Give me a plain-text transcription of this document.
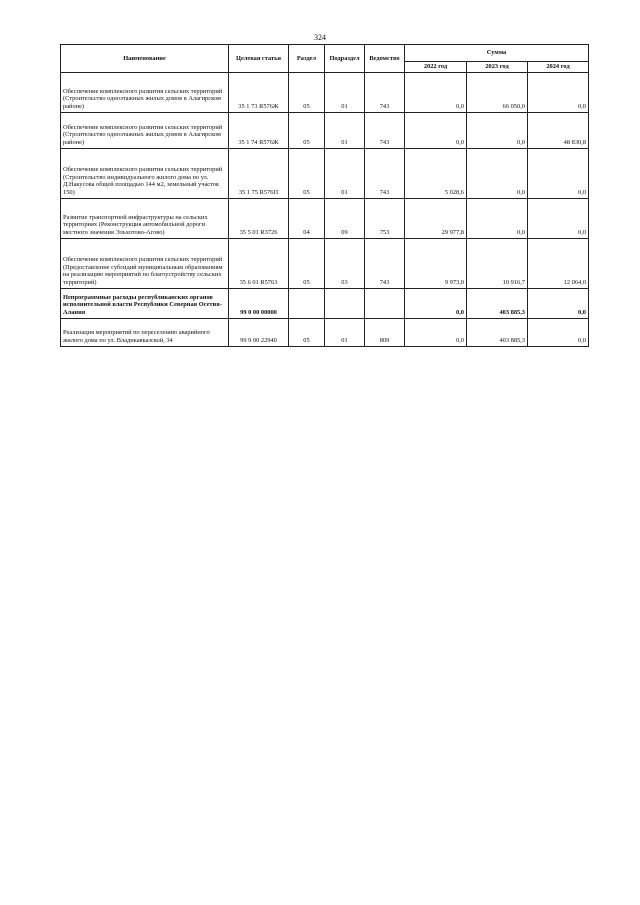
324
Наименование	Целевая статья	Раздел	Подраздел	Ведомство	Сумма		
					2022 год	2023 год	2024 год
Обеспечение комплексного развития сельских территорий (Строительство одноэтажных жилых домов в Алагирском районе)	35 1 73 R576Ж	05	01	743	0,0	66 050,0	0,0
Обеспечение комплексного развития сельских территорий (Строительство одноэтажных жилых домов в Алагирском районе)	35 1 74 R576Ж	05	01	743	0,0	0,0	48 830,8
Обеспечение комплексного развития сельских территорий (Строительство индивидуального жилого дома по ул. Д.Накусова общей площадью 144 м2, земельный участок 150)	35 1 75 R576П	05	01	743	5 028,6	0,0	0,0
Развитие транспортной инфраструктуры на сельских территориях (Реконструкция автомобильной дороги местного значения Эльхотово-Агово)	35 5 01 R3726	04	09	753	29 977,8	0,0	0,0
Обеспечение комплексного развития сельских территорий (Предоставление субсидий муниципальным образованиям на реализацию мероприятий по благоустройству сельских территорий)	35 6 01 R5763	05	03	743	9 973,0	10 916,7	12 064,0
Непрограммные расходы республиканских органов исполнительной власти Республики Северная Осетия-Алания	99 0 00 00000				0,0	403 885,3	0,0
Реализация мероприятий по переселению аварийного жилого дома по ул. Владикавказской, 34	99 9 00 22940	05	01	809	0,0	403 885,3	0,0
